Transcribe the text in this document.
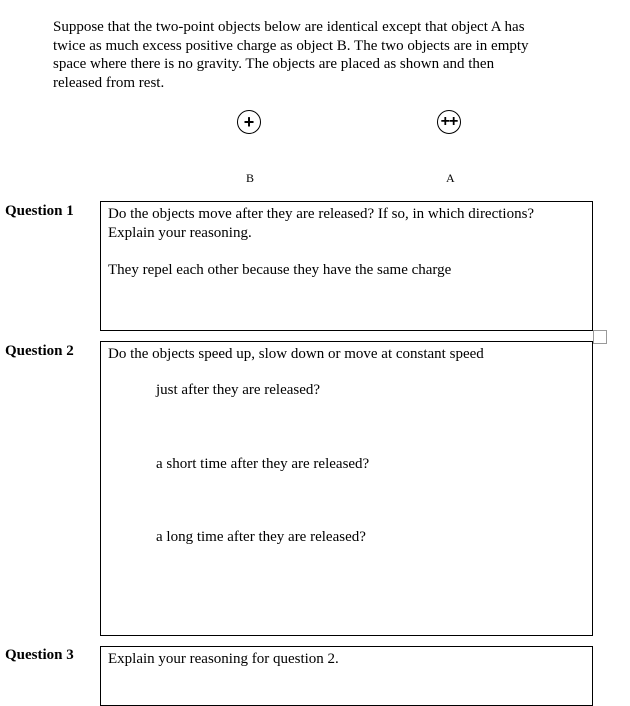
Suppose that the two-point objects below are identical except that object A has
twice as much excess positive charge as object B. The two objects are in empty
space where there is no gravity. The objects are placed as shown and then
released from rest.
+	++
B	A
Question 1 Do the objects move after they are released? If so, in which directions?

Explain your reasoning.

They repel each other because they have the same charge

Question 2 Do the objects speed up, slow down or move at constant speed

just after they are released?

a short time after they are released?

a long time after they are released?

Question 3 Explain your reasoning for question 2.
